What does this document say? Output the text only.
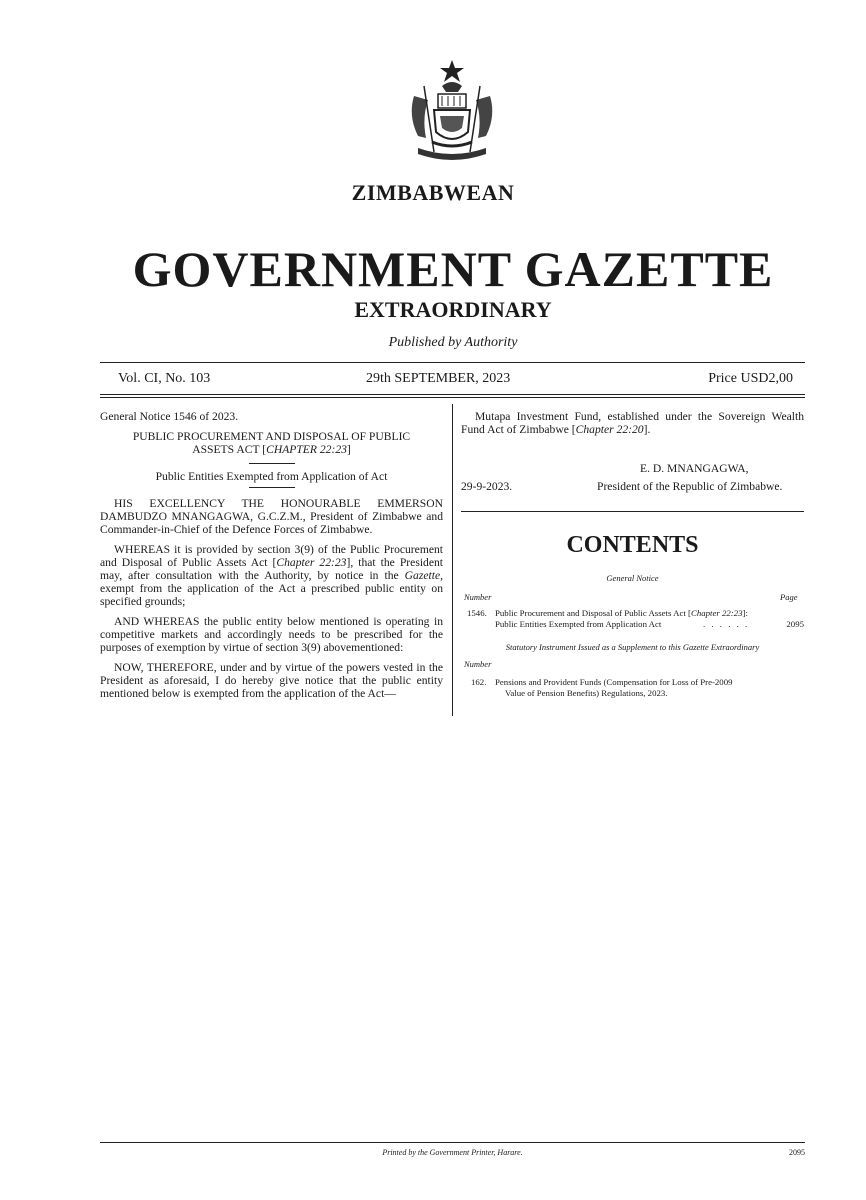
ZIMBABWEAN
GOVERNMENT GAZETTE
EXTRAORDINARY
Published by Authority
Vol. CI, No. 103	29th SEPTEMBER, 2023	Price USD2,00

General Notice 1546 of 2023.

PUBLIC PROCUREMENT AND DISPOSAL OF PUBLIC ASSETS ACT [CHAPTER 22:23]

Public Entities Exempted from Application of Act

HIS EXCELLENCY THE HONOURABLE EMMERSON DAMBUDZO MNANGAGWA, G.C.Z.M., President of Zimbabwe and Commander-in-Chief of the Defence Forces of Zimbabwe.

WHEREAS it is provided by section 3(9) of the Public Procurement and Disposal of Public Assets Act [Chapter 22:23], that the President may, after consultation with the Authority, by notice in the Gazette, exempt from the application of the Act a prescribed public entity on specified grounds;

AND WHEREAS the public entity below mentioned is operating in competitive markets and accordingly needs to be prescribed for the purposes of exemption by virtue of section 3(9) abovementioned:

NOW, THEREFORE, under and by virtue of the powers vested in the President as aforesaid, I do hereby give notice that the public entity mentioned below is exempted from the application of the Act—

Mutapa Investment Fund, established under the Sovereign Wealth Fund Act of Zimbabwe [Chapter 22:20].

E. D. MNANGAGWA,
29-9-2023.	President of the Republic of Zimbabwe.
CONTENTS
General Notice
Number	Page
1546. Public Procurement and Disposal of Public Assets Act [Chapter 22:23]:
Public Entities Exempted from Application Act	. . . . . .	2095
Statutory Instrument Issued as a Supplement to this Gazette Extraordinary
Number
162. Pensions and Provident Funds (Compensation for Loss of Pre-2009
Value of Pension Benefits) Regulations, 2023.
Printed by the Government Printer, Harare.	2095
